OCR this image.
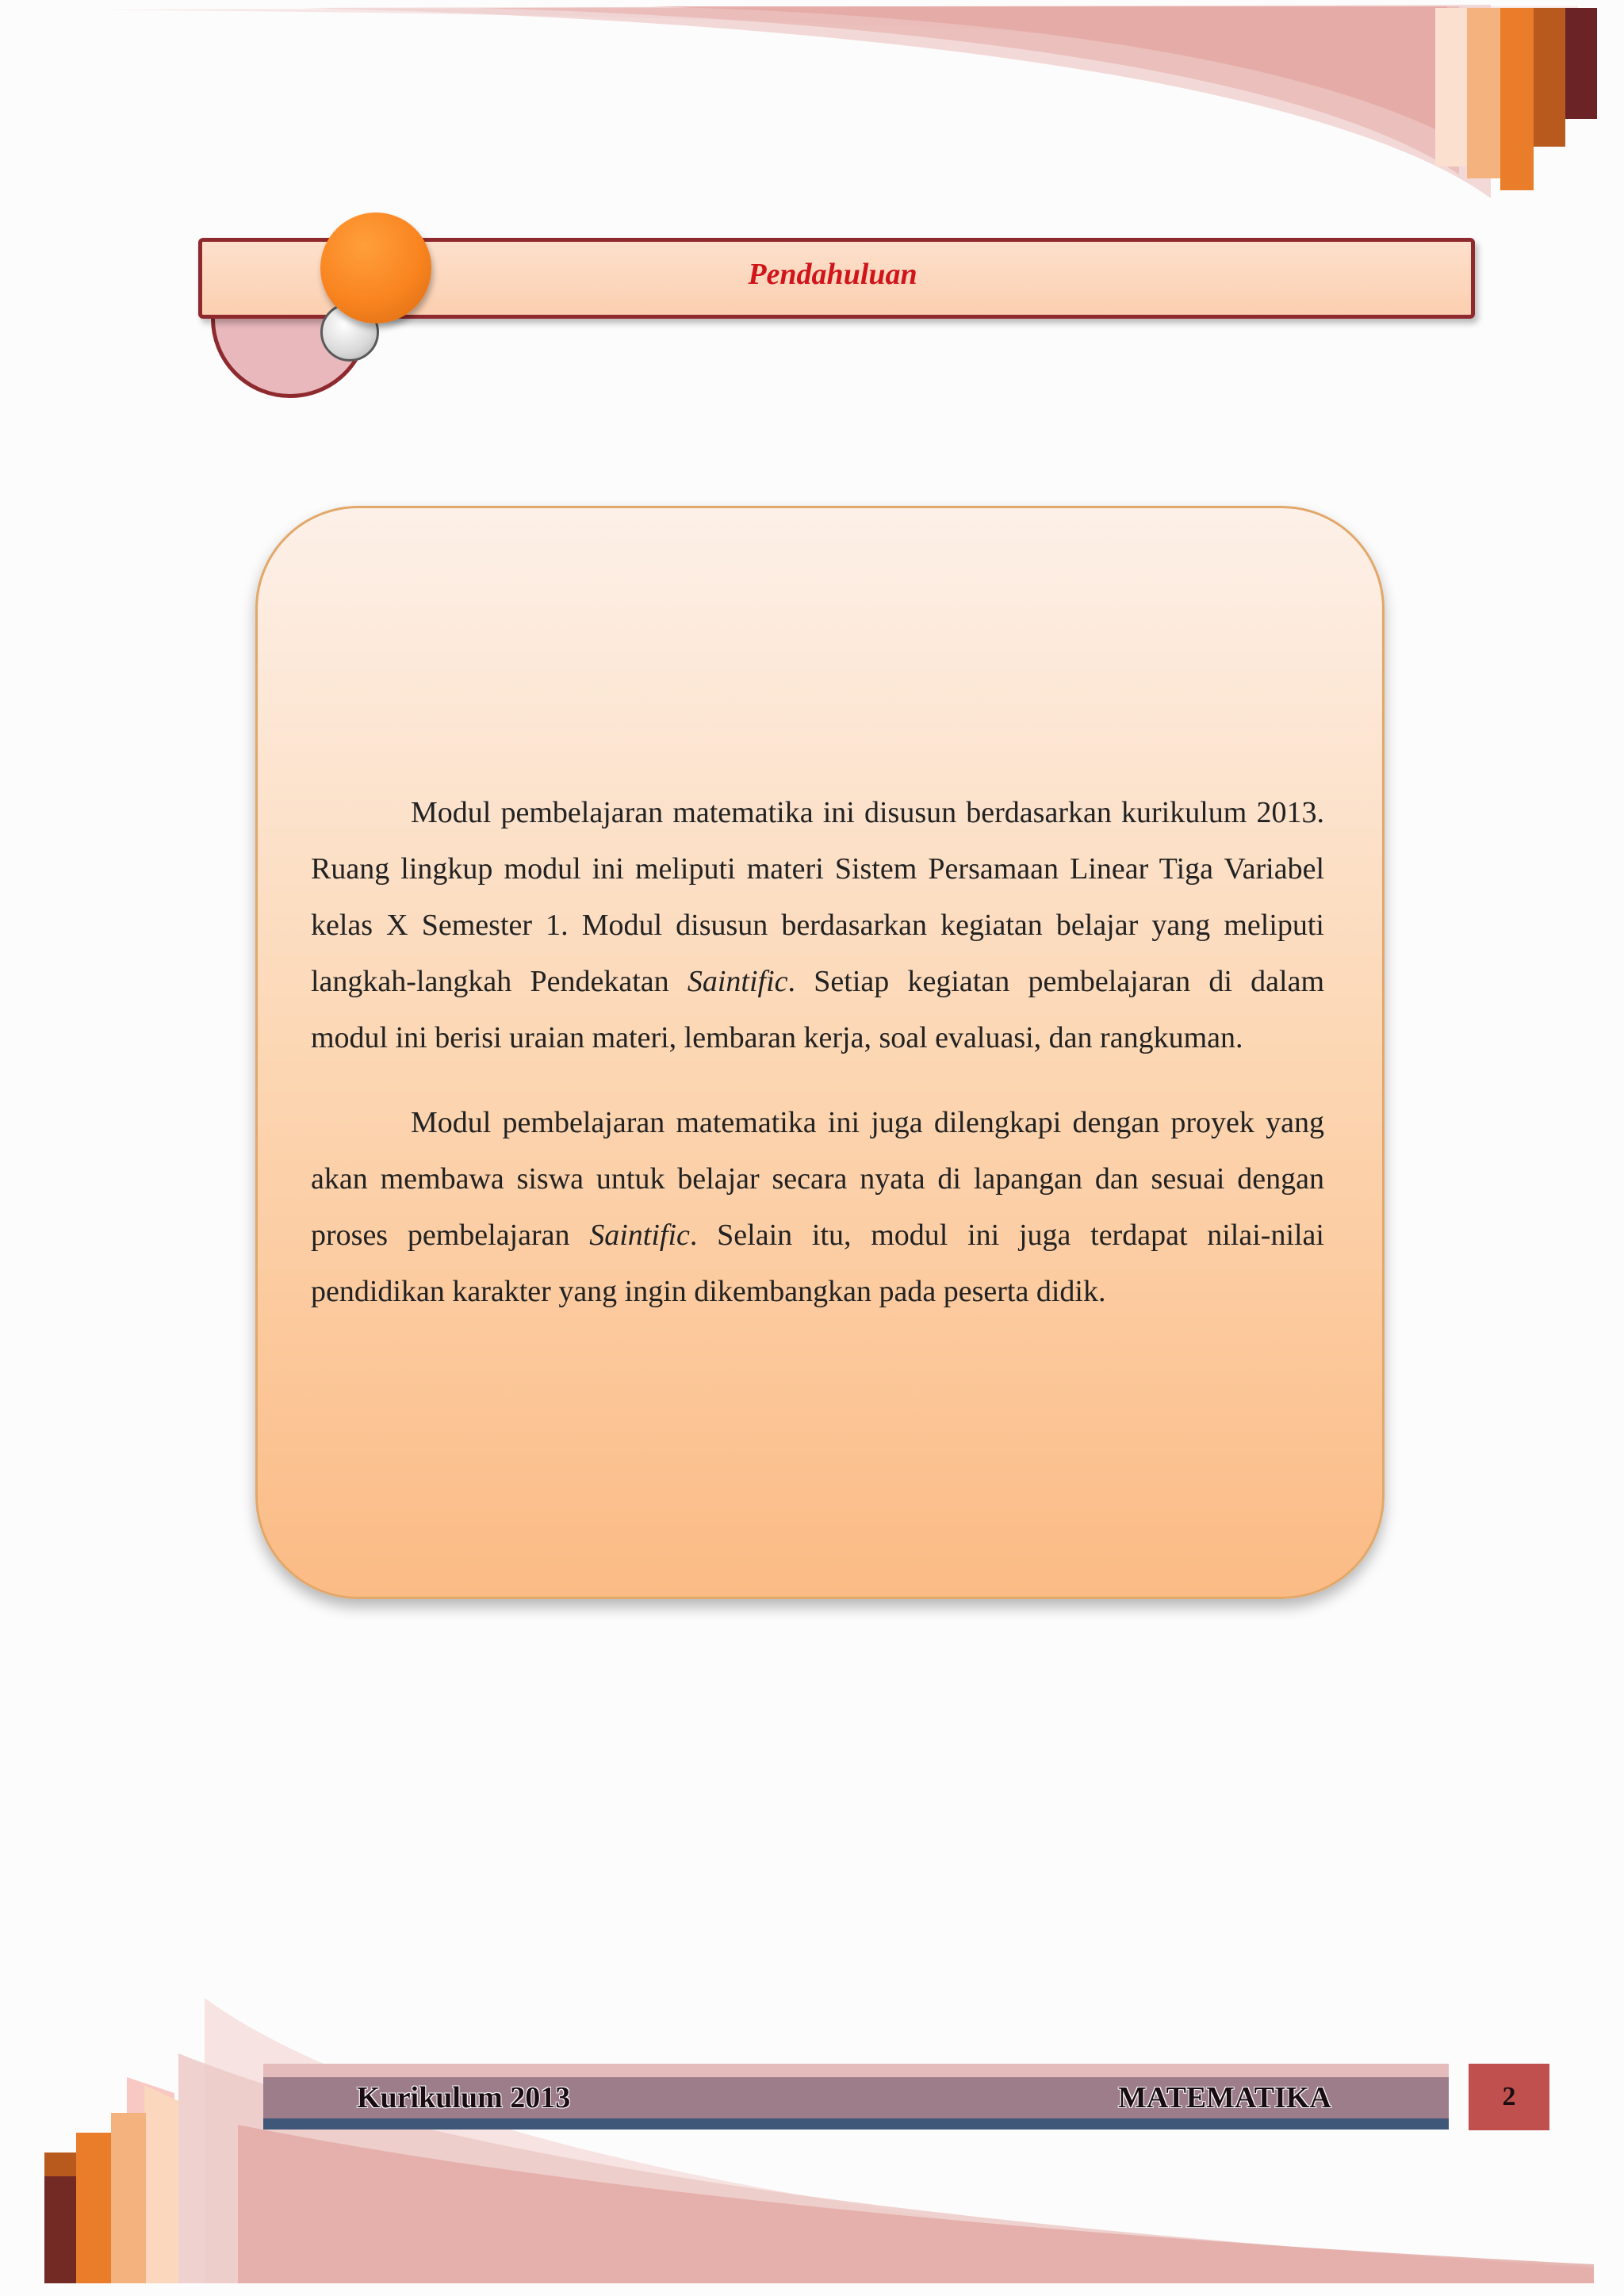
Pendahuluan

Modul pembelajaran matematika ini disusun berdasarkan kurikulum 2013. Ruang lingkup modul ini meliputi materi Sistem Persamaan Linear Tiga Variabel kelas X Semester 1. Modul disusun berdasarkan kegiatan belajar yang meliputi langkah-langkah Pendekatan Saintific. Setiap kegiatan pembelajaran di dalam modul ini berisi uraian materi, lembaran kerja, soal evaluasi, dan rangkuman.

Modul pembelajaran matematika ini juga dilengkapi dengan proyek yang akan membawa siswa untuk belajar secara nyata di lapangan dan sesuai dengan proses pembelajaran Saintific. Selain itu, modul ini juga terdapat nilai-nilai pendidikan karakter yang ingin dikembangkan pada peserta didik.

Kurikulum 2013	MATEMATIKA	2
